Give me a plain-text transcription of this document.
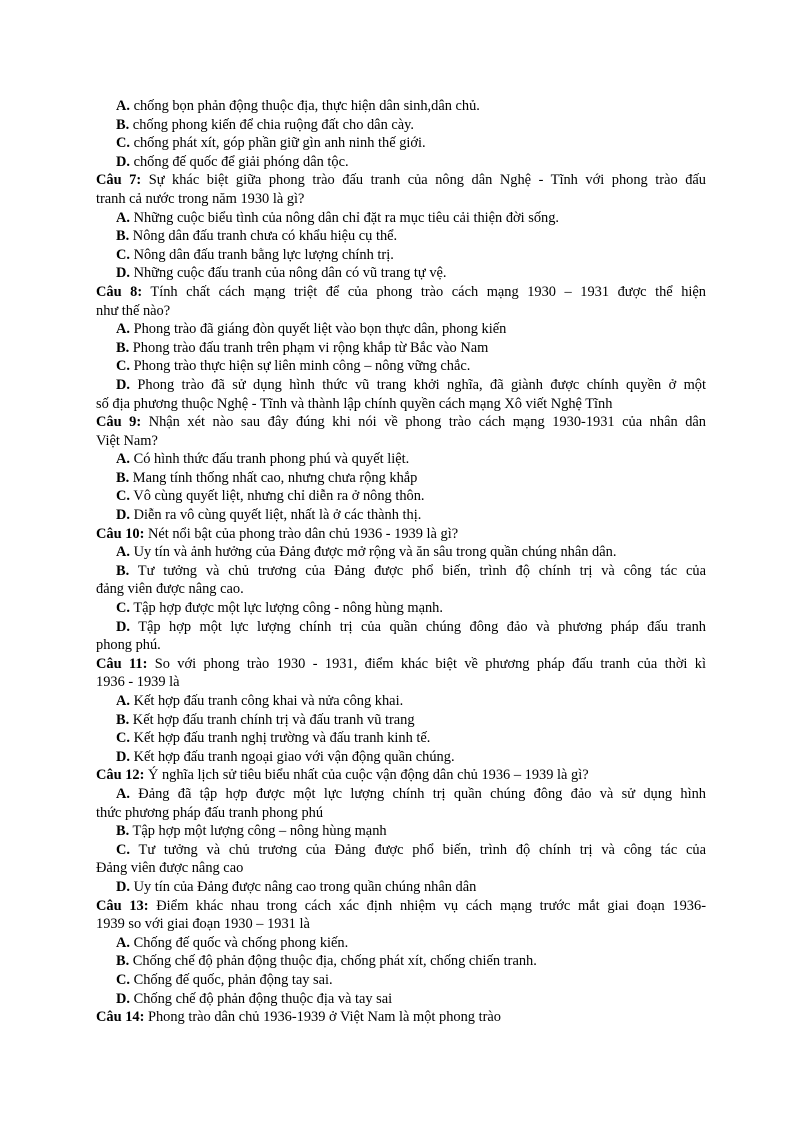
A. chống bọn phản động thuộc địa, thực hiện dân sinh,dân chủ.
B. chống phong kiến để chia ruộng đất cho dân cày.
C. chống phát xít, góp phần giữ gìn anh ninh thế giới.
D. chống đế quốc để giải phóng dân tộc.
Câu 7: Sự khác biệt giữa phong trào đấu tranh của nông dân Nghệ - Tĩnh với phong trào đấu
tranh cả nước trong năm 1930 là gì?
A. Những cuộc biểu tình của nông dân chỉ đặt ra mục tiêu cải thiện đời sống.
B. Nông dân đấu tranh chưa có khẩu hiệu cụ thể.
C. Nông dân đấu tranh bằng lực lượng chính trị.
D. Những cuộc đấu tranh của nông dân có vũ trang tự vệ.
Câu 8: Tính chất cách mạng triệt để của phong trào cách mạng 1930 – 1931 được thể hiện
như thế nào?
A. Phong trào đã giáng đòn quyết liệt vào bọn thực dân, phong kiến
B. Phong trào đấu tranh trên phạm vi rộng khắp từ Bắc vào Nam
C. Phong trào thực hiện sự liên minh công – nông vững chắc.
D. Phong trào đã sử dụng hình thức vũ trang khởi nghĩa, đã giành được chính quyền ở một
số địa phương thuộc Nghệ - Tĩnh và thành lập chính quyền cách mạng Xô viết Nghệ Tĩnh
Câu 9: Nhận xét nào sau đây đúng khi nói về phong trào cách mạng 1930-1931 của nhân dân
Việt Nam?
A. Có hình thức đấu tranh phong phú và quyết liệt.
B. Mang tính thống nhất cao, nhưng chưa rộng khắp
C. Vô cùng quyết liệt, nhưng chỉ diễn ra ở nông thôn.
D. Diễn ra vô cùng quyết liệt, nhất là ở các thành thị.
Câu 10: Nét nổi bật của phong trào dân chủ 1936 - 1939 là gì?
A. Uy tín và ảnh hưởng của Đảng được mở rộng và ăn sâu trong quần chúng nhân dân.
B. Tư tưởng và chủ trương của Đảng được phổ biến, trình độ chính trị và công tác của
đảng viên được nâng cao.
C. Tập hợp được một lực lượng công - nông hùng mạnh.
D. Tập hợp một lực lượng chính trị của quần chúng đông đảo và phương pháp đấu tranh
phong phú.
Câu 11: So với phong trào 1930 - 1931, điểm khác biệt về phương pháp đấu tranh của thời kì
1936 - 1939 là
A. Kết hợp đấu tranh công khai và nửa công khai.
B. Kết hợp đấu tranh chính trị và đấu tranh vũ trang
C. Kết hợp đấu tranh nghị trường và đấu tranh kinh tế.
D. Kết hợp đấu tranh ngoại giao với vận động quần chúng.
Câu 12: Ý nghĩa lịch sử tiêu biểu nhất của cuộc vận động dân chủ 1936 – 1939 là gì?
A. Đảng đã tập hợp được một lực lượng chính trị quần chúng đông đảo và sử dụng hình
thức phương pháp đấu tranh phong phú
B. Tập hợp một lượng công – nông hùng mạnh
C. Tư tưởng và chủ trương của Đảng được phổ biến, trình độ chính trị và công tác của
Đảng viên được nâng cao
D. Uy tín của Đảng được nâng cao trong quần chúng nhân dân
Câu 13: Điểm khác nhau trong cách xác định nhiệm vụ cách mạng trước mắt giai đoạn 1936-
1939 so với giai đoạn 1930 – 1931 là
A. Chống đế quốc và chống phong kiến.
B. Chống chế độ phản động thuộc địa, chống phát xít, chống chiến tranh.
C. Chống đế quốc, phản động tay sai.
D. Chống chế độ phản động thuộc địa và tay sai
Câu 14: Phong trào dân chủ 1936-1939 ở Việt Nam là một phong trào
